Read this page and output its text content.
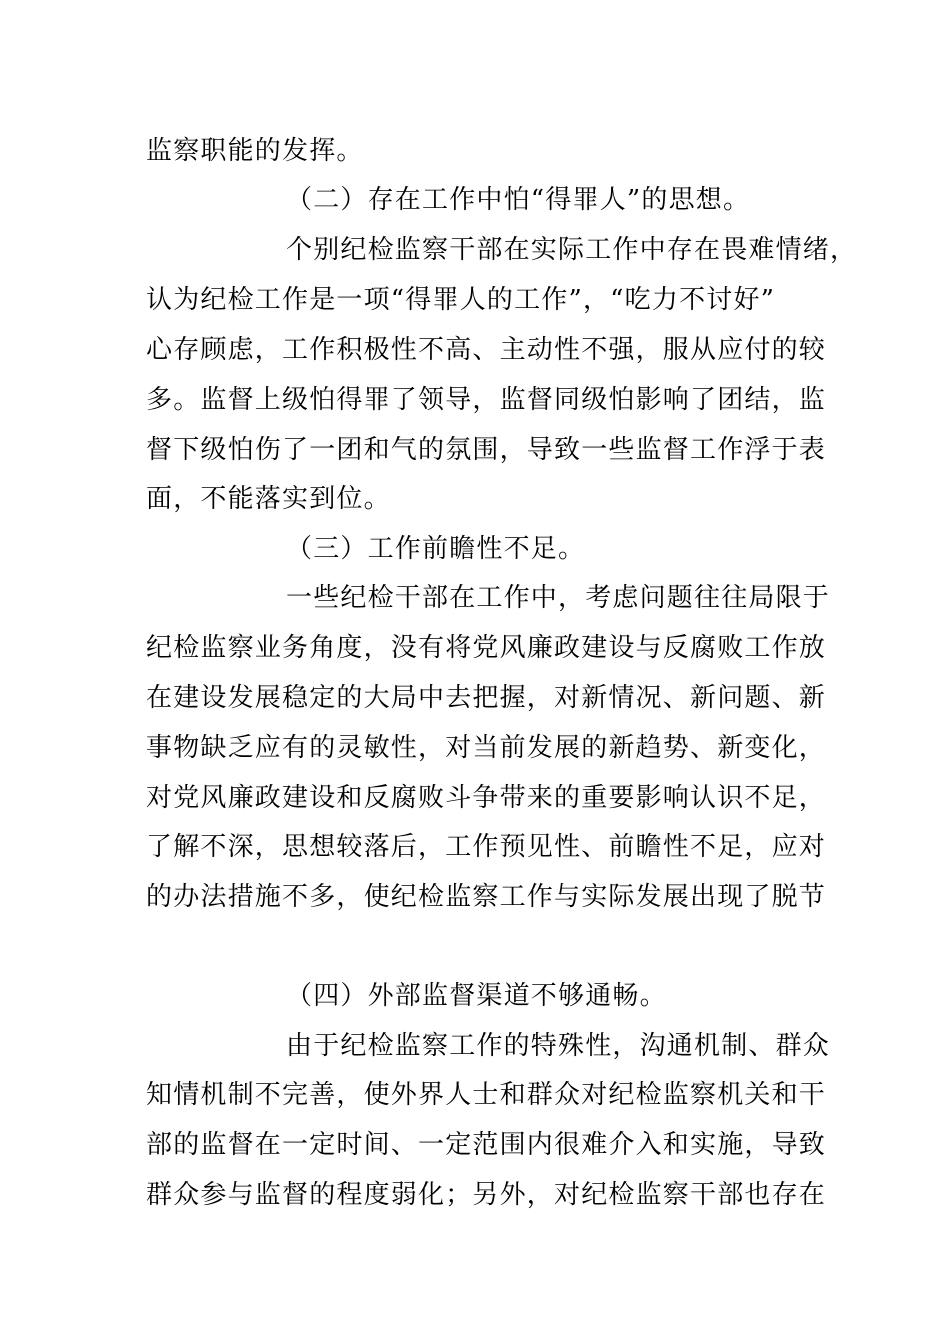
监察职能的发挥。
（二）存在工作中怕“得罪人”的思想。
个别纪检监察干部在实际工作中存在畏难情绪，
认为纪检工作是一项“得罪人的工作”，“吃力不讨好”
心存顾虑，工作积极性不高、主动性不强，服从应付的较
多。监督上级怕得罪了领导，监督同级怕影响了团结，监
督下级怕伤了一团和气的氛围，导致一些监督工作浮于表
面，不能落实到位。
（三）工作前瞻性不足。
一些纪检干部在工作中，考虑问题往往局限于
纪检监察业务角度，没有将党风廉政建设与反腐败工作放
在建设发展稳定的大局中去把握，对新情况、新问题、新
事物缺乏应有的灵敏性，对当前发展的新趋势、新变化，
对党风廉政建设和反腐败斗争带来的重要影响认识不足，
了解不深，思想较落后，工作预见性、前瞻性不足，应对
的办法措施不多，使纪检监察工作与实际发展出现了脱节
（四）外部监督渠道不够通畅。
由于纪检监察工作的特殊性，沟通机制、群众
知情机制不完善，使外界人士和群众对纪检监察机关和干
部的监督在一定时间、一定范围内很难介入和实施，导致
群众参与监督的程度弱化；另外，对纪检监察干部也存在
